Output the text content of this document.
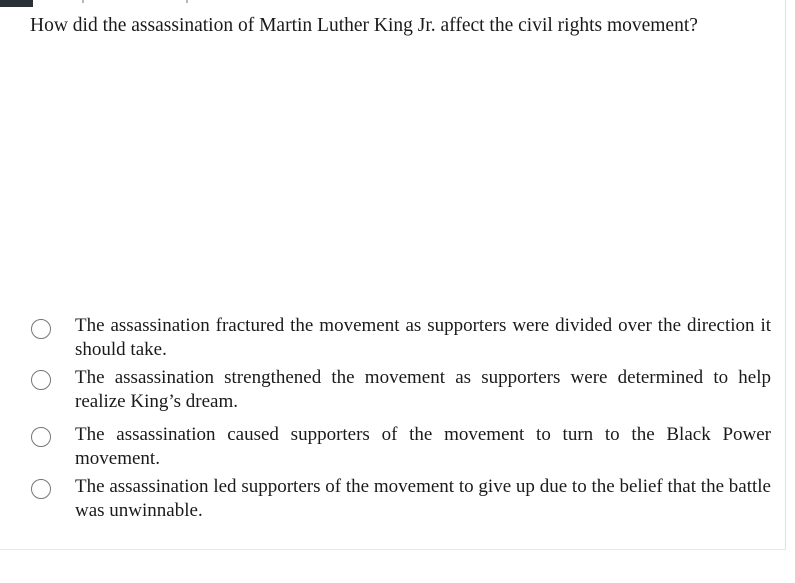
How did the assassination of Martin Luther King Jr. affect the civil rights movement?
The assassination fractured the movement as supporters were divided over the direction it should take.
The assassination strengthened the movement as supporters were determined to help realize King’s dream.
The assassination caused supporters of the movement to turn to the Black Power movement.
The assassination led supporters of the movement to give up due to the belief that the battle was unwinnable.
